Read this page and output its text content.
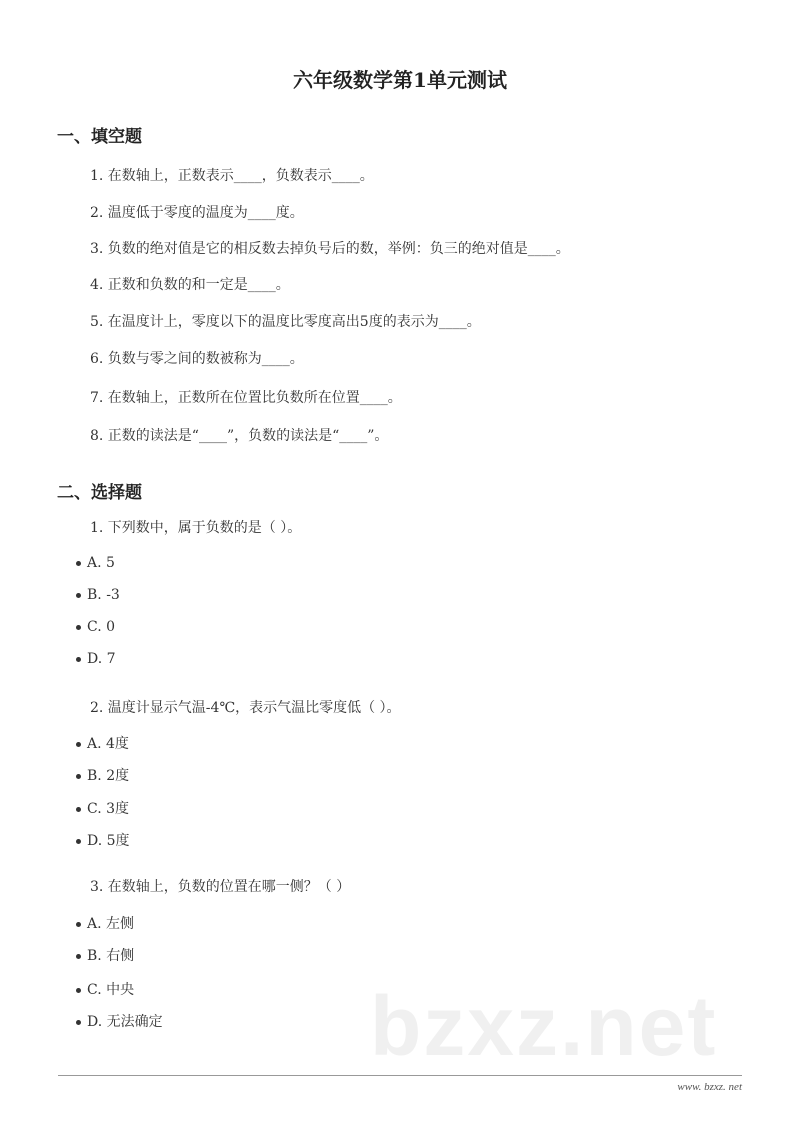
bzxz.net
六年级数学第1单元测试
一、填空题
1. 在数轴上，正数表示____，负数表示____。
2. 温度低于零度的温度为____度。
3. 负数的绝对值是它的相反数去掉负号后的数，举例：负三的绝对值是____。
4. 正数和负数的和一定是____。
5. 在温度计上，零度以下的温度比零度高出5度的表示为____。
6. 负数与零之间的数被称为____。
7. 在数轴上，正数所在位置比负数所在位置____。
8. 正数的读法是“____”，负数的读法是“____”。
二、选择题
1. 下列数中，属于负数的是（ ）。
A. 5
B. -3
C. 0
D. 7
2. 温度计显示气温-4℃，表示气温比零度低（ ）。
A. 4度
B. 2度
C. 3度
D. 5度
3. 在数轴上，负数的位置在哪一侧？（ ）
A. 左侧
B. 右侧
C. 中央
D. 无法确定
www. bzxz. net
